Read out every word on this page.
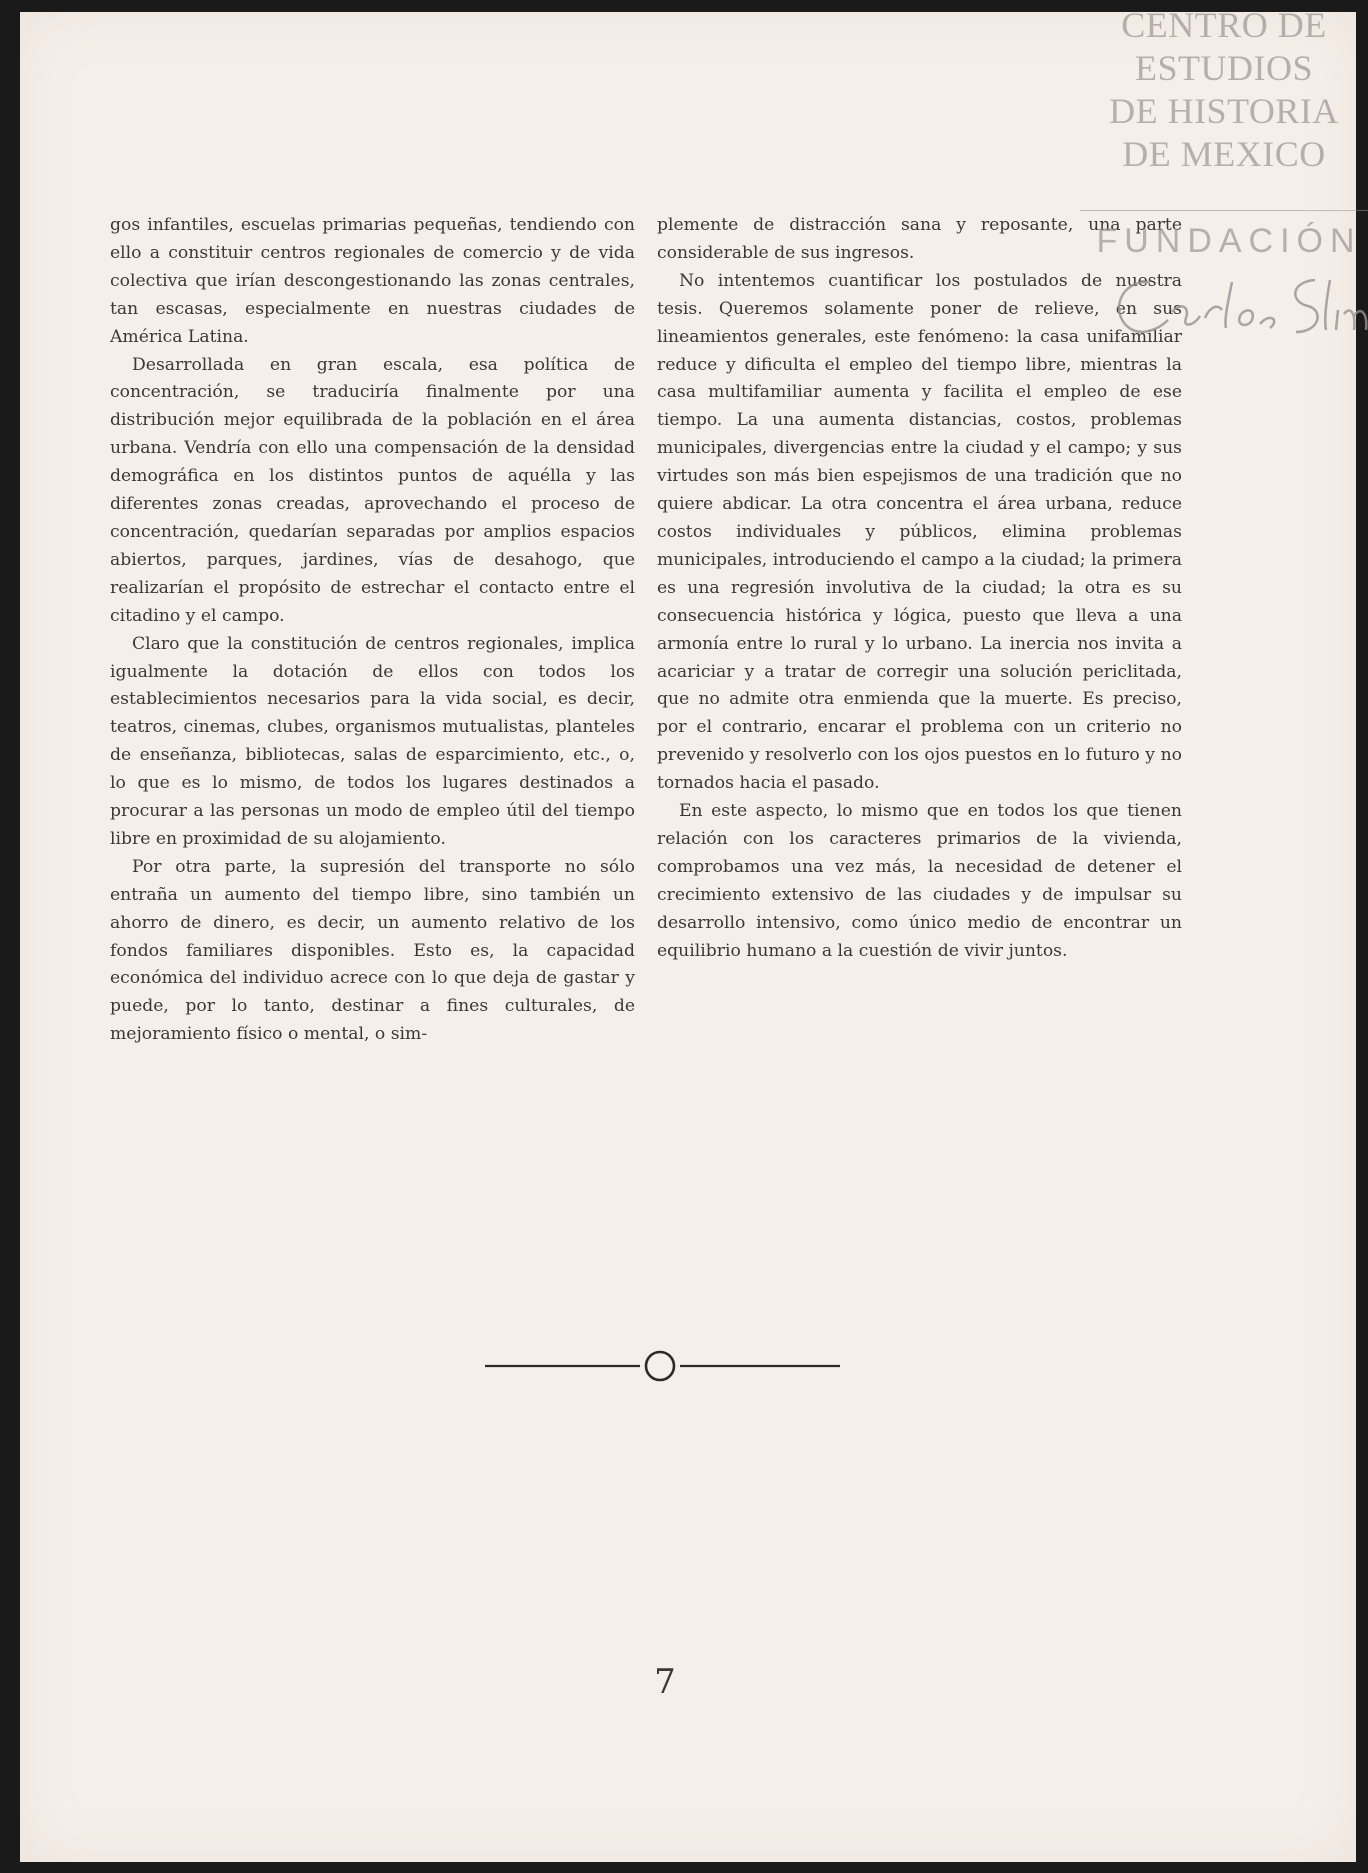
gos infantiles, escuelas primarias pequeñas, tendiendo con ello a constituir centros regionales de comercio y de vida colectiva que irían descongestionando las zonas centrales, tan escasas, especialmente en nuestras ciudades de América Latina.

Desarrollada en gran escala, esa política de concentración, se traduciría finalmente por una distribución mejor equilibrada de la población en el área urbana. Vendría con ello una compensación de la densidad demográfica en los distintos puntos de aquélla y las diferentes zonas creadas, aprovechando el proceso de concentración, quedarían separadas por amplios espacios abiertos, parques, jardines, vías de desahogo, que realizarían el propósito de estrechar el contacto entre el citadino y el campo.

Claro que la constitución de centros regionales, implica igualmente la dotación de ellos con todos los establecimientos necesarios para la vida social, es decir, teatros, cinemas, clubes, organismos mutualistas, planteles de enseñanza, bibliotecas, salas de esparcimiento, etc., o, lo que es lo mismo, de todos los lugares destinados a procurar a las personas un modo de empleo útil del tiempo libre en proximidad de su alojamiento.

Por otra parte, la supresión del transporte no sólo entraña un aumento del tiempo libre, sino también un ahorro de dinero, es decir, un aumento relativo de los fondos familiares disponibles. Esto es, la capacidad económica del individuo acrece con lo que deja de gastar y puede, por lo tanto, destinar a fines culturales, de mejoramiento físico o mental, o sim-

plemente de distracción sana y reposante, una parte considerable de sus ingresos.

No intentemos cuantificar los postulados de nuestra tesis. Queremos solamente poner de relieve, en sus lineamientos generales, este fenómeno: la casa unifamiliar reduce y dificulta el empleo del tiempo libre, mientras la casa multifamiliar aumenta y facilita el empleo de ese tiempo. La una aumenta distancias, costos, problemas municipales, divergencias entre la ciudad y el campo; y sus virtudes son más bien espejismos de una tradición que no quiere abdicar. La otra concentra el área urbana, reduce costos individuales y públicos, elimina problemas municipales, introduciendo el campo a la ciudad; la primera es una regresión involutiva de la ciudad; la otra es su consecuencia histórica y lógica, puesto que lleva a una armonía entre lo rural y lo urbano. La inercia nos invita a acariciar y a tratar de corregir una solución periclitada, que no admite otra enmienda que la muerte. Es preciso, por el contrario, encarar el problema con un criterio no prevenido y resolverlo con los ojos puestos en lo futuro y no tornados hacia el pasado.

En este aspecto, lo mismo que en todos los que tienen relación con los caracteres primarios de la vivienda, comprobamos una vez más, la necesidad de detener el crecimiento extensivo de las ciudades y de impulsar su desarrollo intensivo, como único medio de encontrar un equilibrio humano a la cuestión de vivir juntos.

7
CENTRO DE
ESTUDIOS
DE HISTORIA
DE MEXICO
FUNDACIÓN
